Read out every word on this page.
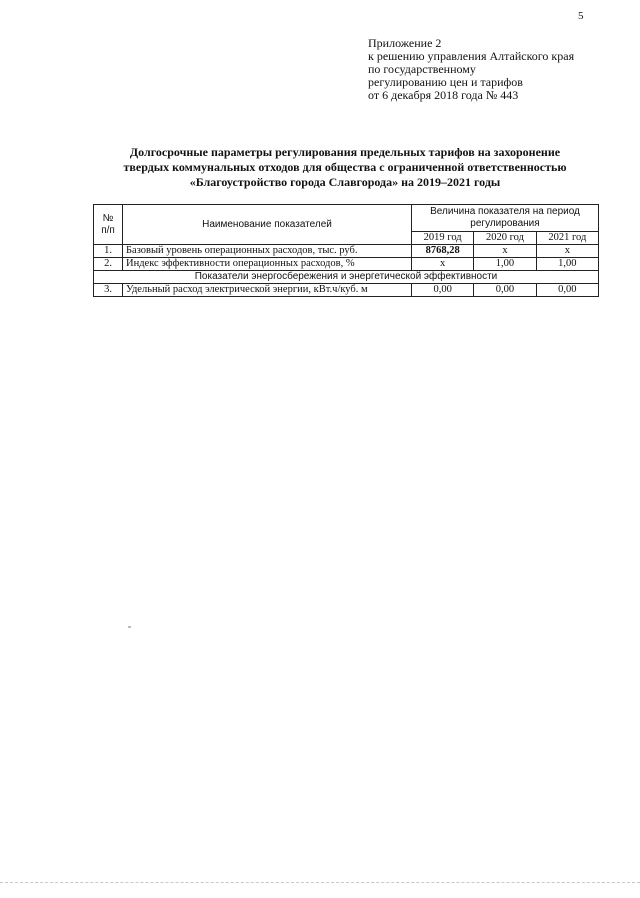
5
Приложение 2
к решению управления Алтайского края
по государственному
регулированию цен и тарифов
от 6 декабря 2018 года № 443
Долгосрочные параметры регулирования предельных тарифов на захоронение
твердых коммунальных отходов для общества с ограниченной ответственностью
«Благоустройство города Славгорода» на 2019–2021 годы
№
п/п	Наименование показателей	Величина показателя на период регулирования		
		2019 год	2020 год	2021 год
1.	Базовый уровень операционных расходов, тыс. руб.	8768,28	х	х
2.	Индекс эффективности операционных расходов, %	х	1,00	1,00
Показатели энергосбережения и энергетической эффективности				
3.	Удельный расход электрической энергии, кВт.ч/куб. м	0,00	0,00	0,00
